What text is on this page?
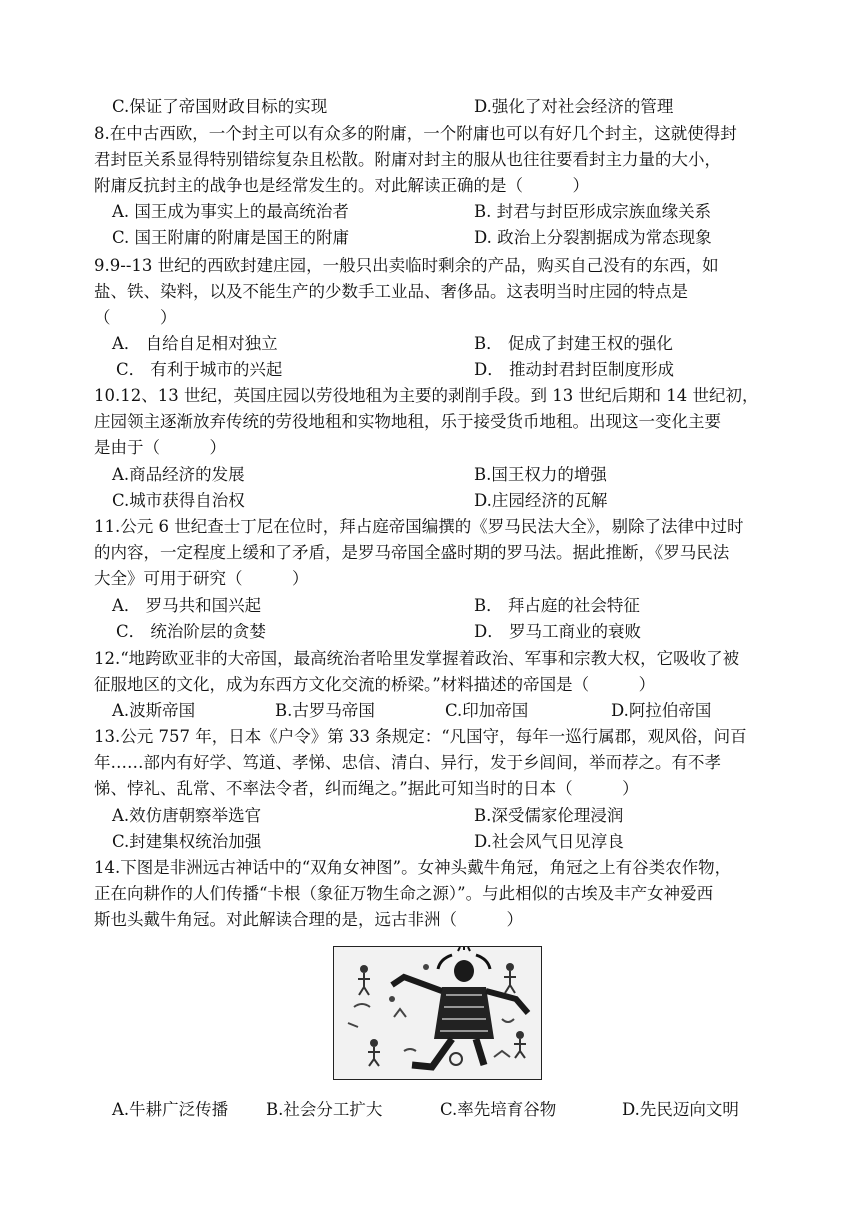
C.保证了帝国财政目标的实现	D.强化了对社会经济的管理
8.在中古西欧，一个封主可以有众多的附庸，一个附庸也可以有好几个封主，这就使得封
君封臣关系显得特别错综复杂且松散。附庸对封主的服从也往往要看封主力量的大小，
附庸反抗封主的战争也是经常发生的。对此解读正确的是（　　　）
A. 国王成为事实上的最高统治者	B. 封君与封臣形成宗族血缘关系
C. 国王附庸的附庸是国王的附庸	D. 政治上分裂割据成为常态现象
9.9--13 世纪的西欧封建庄园，一般只出卖临时剩余的产品，购买自己没有的东西，如
盐、铁、染料，以及不能生产的少数手工业品、奢侈品。这表明当时庄园的特点是
（　　　）
A． 自给自足相对独立	B． 促成了封建王权的强化
C． 有利于城市的兴起	D． 推动封君封臣制度形成
10.12、13 世纪，英国庄园以劳役地租为主要的剥削手段。到 13 世纪后期和 14 世纪初，
庄园领主逐渐放弃传统的劳役地租和实物地租，乐于接受货币地租。出现这一变化主要
是由于（　　　）
A.商品经济的发展	B.国王权力的增强
C.城市获得自治权	D.庄园经济的瓦解
11.公元 6 世纪查士丁尼在位时，拜占庭帝国编撰的《罗马民法大全》，剔除了法律中过时
的内容，一定程度上缓和了矛盾，是罗马帝国全盛时期的罗马法。据此推断，《罗马民法
大全》可用于研究（　　　）
A． 罗马共和国兴起	B． 拜占庭的社会特征
C． 统治阶层的贪婪	D． 罗马工商业的衰败
12.“地跨欧亚非的大帝国，最高统治者哈里发掌握着政治、军事和宗教大权，它吸收了被
征服地区的文化，成为东西方文化交流的桥梁。”材料描述的帝国是（　　　）
A.波斯帝国	B.古罗马帝国	C.印加帝国	D.阿拉伯帝国
13.公元 757 年，日本《户令》第 33 条规定：“凡国守，每年一巡行属郡，观风俗，问百
年……部内有好学、笃道、孝悌、忠信、清白、异行，发于乡闾间，举而荐之。有不孝
悌、悖礼、乱常、不率法令者，纠而绳之。”据此可知当时的日本（　　　）
A.效仿唐朝察举选官	B.深受儒家伦理浸润
C.封建集权统治加强	D.社会风气日见淳良
14.下图是非洲远古神话中的“双角女神图”。女神头戴牛角冠，角冠之上有谷类农作物，
正在向耕作的人们传播“卡根（象征万物生命之源）”。与此相似的古埃及丰产女神爱西
斯也头戴牛角冠。对此解读合理的是，远古非洲（　　　）
A.牛耕广泛传播 B.社会分工扩大	C.率先培育谷物	D.先民迈向文明
